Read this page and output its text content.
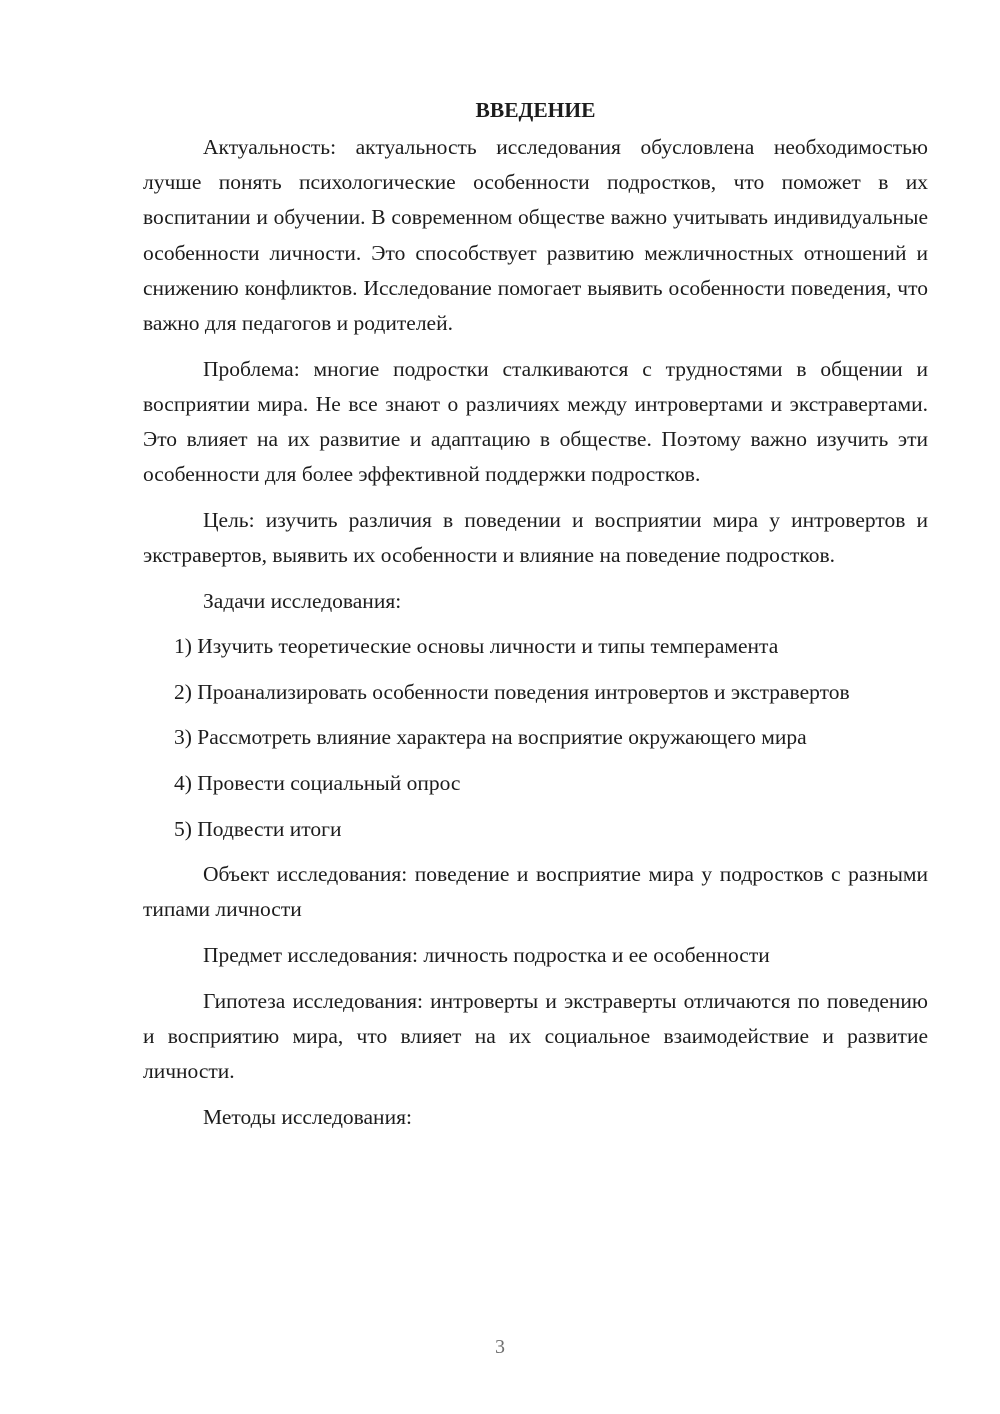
ВВЕДЕНИЕ

Актуальность: актуальность исследования обусловлена необходимостью лучше понять психологические особенности подростков, что поможет в их воспитании и обучении. В современном обществе важно учитывать индивидуальные особенности личности. Это способствует развитию межличностных отношений и снижению конфликтов. Исследование помогает выявить особенности поведения, что важно для педагогов и родителей.

Проблема: многие подростки сталкиваются с трудностями в общении и восприятии мира. Не все знают о различиях между интровертами и экстравертами. Это влияет на их развитие и адаптацию в обществе. Поэтому важно изучить эти особенности для более эффективной поддержки подростков.

Цель: изучить различия в поведении и восприятии мира у интровертов и экстравертов, выявить их особенности и влияние на поведение подростков.

Задачи исследования:

1) Изучить теоретические основы личности и типы темперамента

2) Проанализировать особенности поведения интровертов и экстравертов

3) Рассмотреть влияние характера на восприятие окружающего мира

4) Провести социальный опрос

5) Подвести итоги

Объект исследования: поведение и восприятие мира у подростков с разными типами личности

Предмет исследования: личность подростка и ее особенности

Гипотеза исследования: интроверты и экстраверты отличаются по поведению и восприятию мира, что влияет на их социальное взаимодействие и развитие личности.

Методы исследования:

3
